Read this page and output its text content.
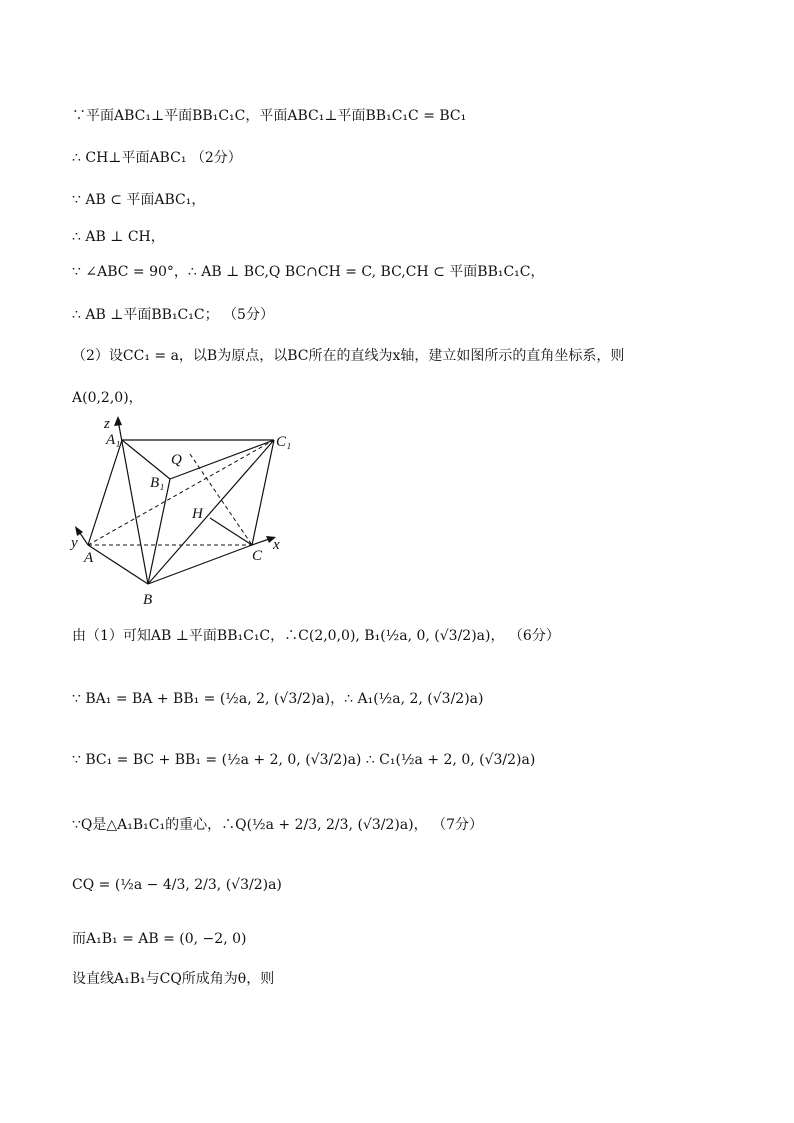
∵平面ABC₁⊥平面BB₁C₁C，平面ABC₁⊥平面BB₁C₁C = BC₁
∴ CH⊥平面ABC₁ （2分）
∵ AB ⊂ 平面ABC₁，
∴ AB ⊥ CH，
∵ ∠ABC = 90°，∴ AB ⊥ BC,Q BC∩CH = C, BC,CH ⊂ 平面BB₁C₁C，
∴ AB ⊥平面BB₁C₁C； （5分）
（2）设CC₁ = a，以B为原点，以BC所在的直线为x轴，建立如图所示的直角坐标系，则
A(0,2,0)，
A₁	C₁
z
Q
B₁
H
y
A	C
x
B
由（1）可知AB ⊥平面BB₁C₁C，∴C(2,0,0), B₁(½a, 0, (√3/2)a)， （6分）
∵ BA₁ = BA + BB₁ = (½a, 2, (√3/2)a)，∴ A₁(½a, 2, (√3/2)a)
∵ BC₁ = BC + BB₁ = (½a + 2, 0, (√3/2)a) ∴ C₁(½a + 2, 0, (√3/2)a)
∵Q是△A₁B₁C₁的重心，∴Q(½a + 2/3, 2/3, (√3/2)a)， （7分）
CQ = (½a − 4/3, 2/3, (√3/2)a)
而A₁B₁ = AB = (0, −2, 0)
设直线A₁B₁与CQ所成角为θ，则
